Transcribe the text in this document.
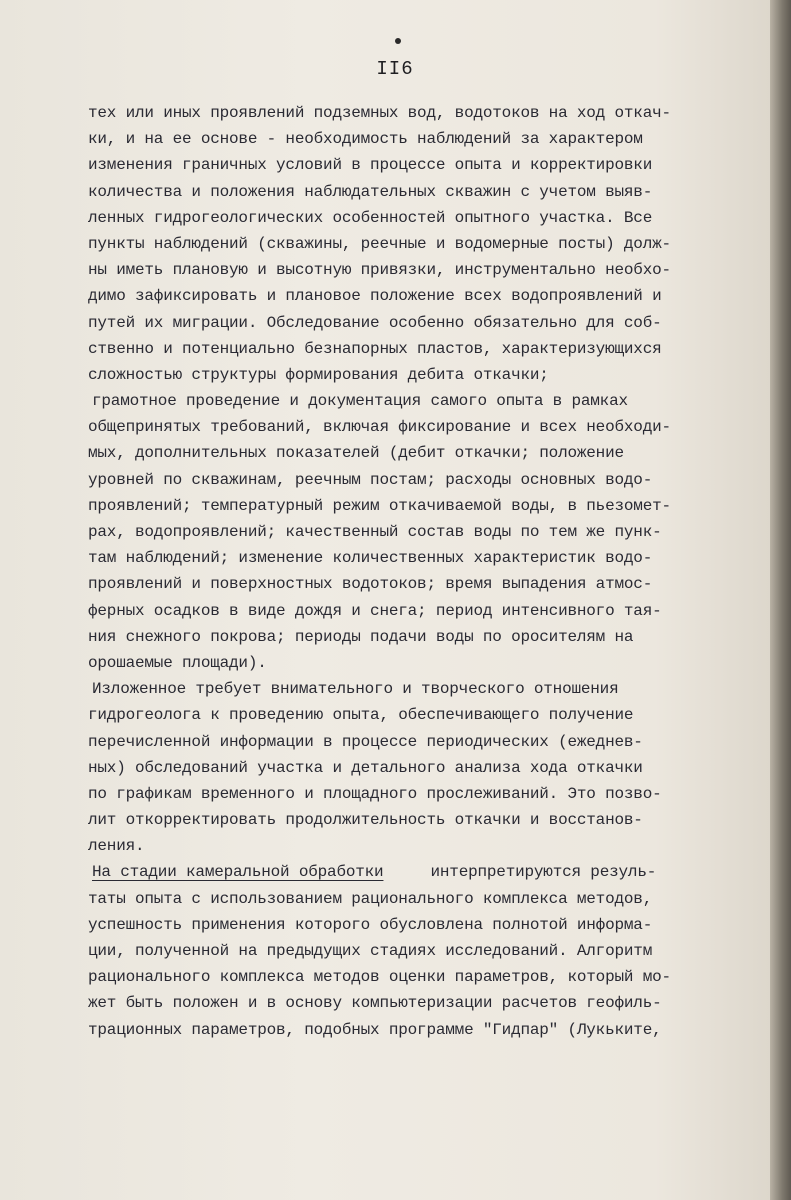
II6
тех или иных проявлений подземных вод, водотоков на ход откач-
ки, и на ее основе - необходимость наблюдений за характером
изменения граничных условий в процессе опыта и корректировки
количества и положения наблюдательных скважин с учетом выяв-
ленных гидрогеологических особенностей опытного участка. Все
пункты наблюдений (скважины, реечные и водомерные посты) долж-
ны иметь плановую и высотную привязки, инструментально необхо-
димо зафиксировать и плановое положение всех водопроявлений и
путей их миграции. Обследование особенно обязательно для соб-
ственно и потенциально безнапорных пластов, характеризующихся
сложностью структуры формирования дебита откачки;
грамотное проведение и документация самого опыта в рамках
общепринятых требований, включая фиксирование и всех необходи-
мых, дополнительных показателей (дебит откачки; положение
уровней по скважинам, реечным постам; расходы основных водо-
проявлений; температурный режим откачиваемой воды, в пьезомет-
рах, водопроявлений; качественный состав воды по тем же пунк-
там наблюдений; изменение количественных характеристик водо-
проявлений и поверхностных водотоков; время выпадения атмос-
ферных осадков в виде дождя и снега; период интенсивного тая-
ния снежного покрова; периоды подачи воды по оросителям на
орошаемые площади).
Изложенное требует внимательного и творческого отношения
гидрогеолога к проведению опыта, обеспечивающего получение
перечисленной информации в процессе периодических (ежеднев-
ных) обследований участка и детального анализа хода откачки
по графикам временного и площадного прослеживаний. Это позво-
лит откорректировать продолжительность откачки и восстанов-
ления.
На стадии камеральной обработки	интерпретируются резуль-
таты опыта с использованием рационального комплекса методов,
успешность применения которого обусловлена полнотой информа-
ции, полученной на предыдущих стадиях исследований. Алгоритм
рационального комплекса методов оценки параметров, который мо-
жет быть положен и в основу компьютеризации расчетов геофиль-
трационных параметров, подобных программе "Гидпар" (Лукьките,
